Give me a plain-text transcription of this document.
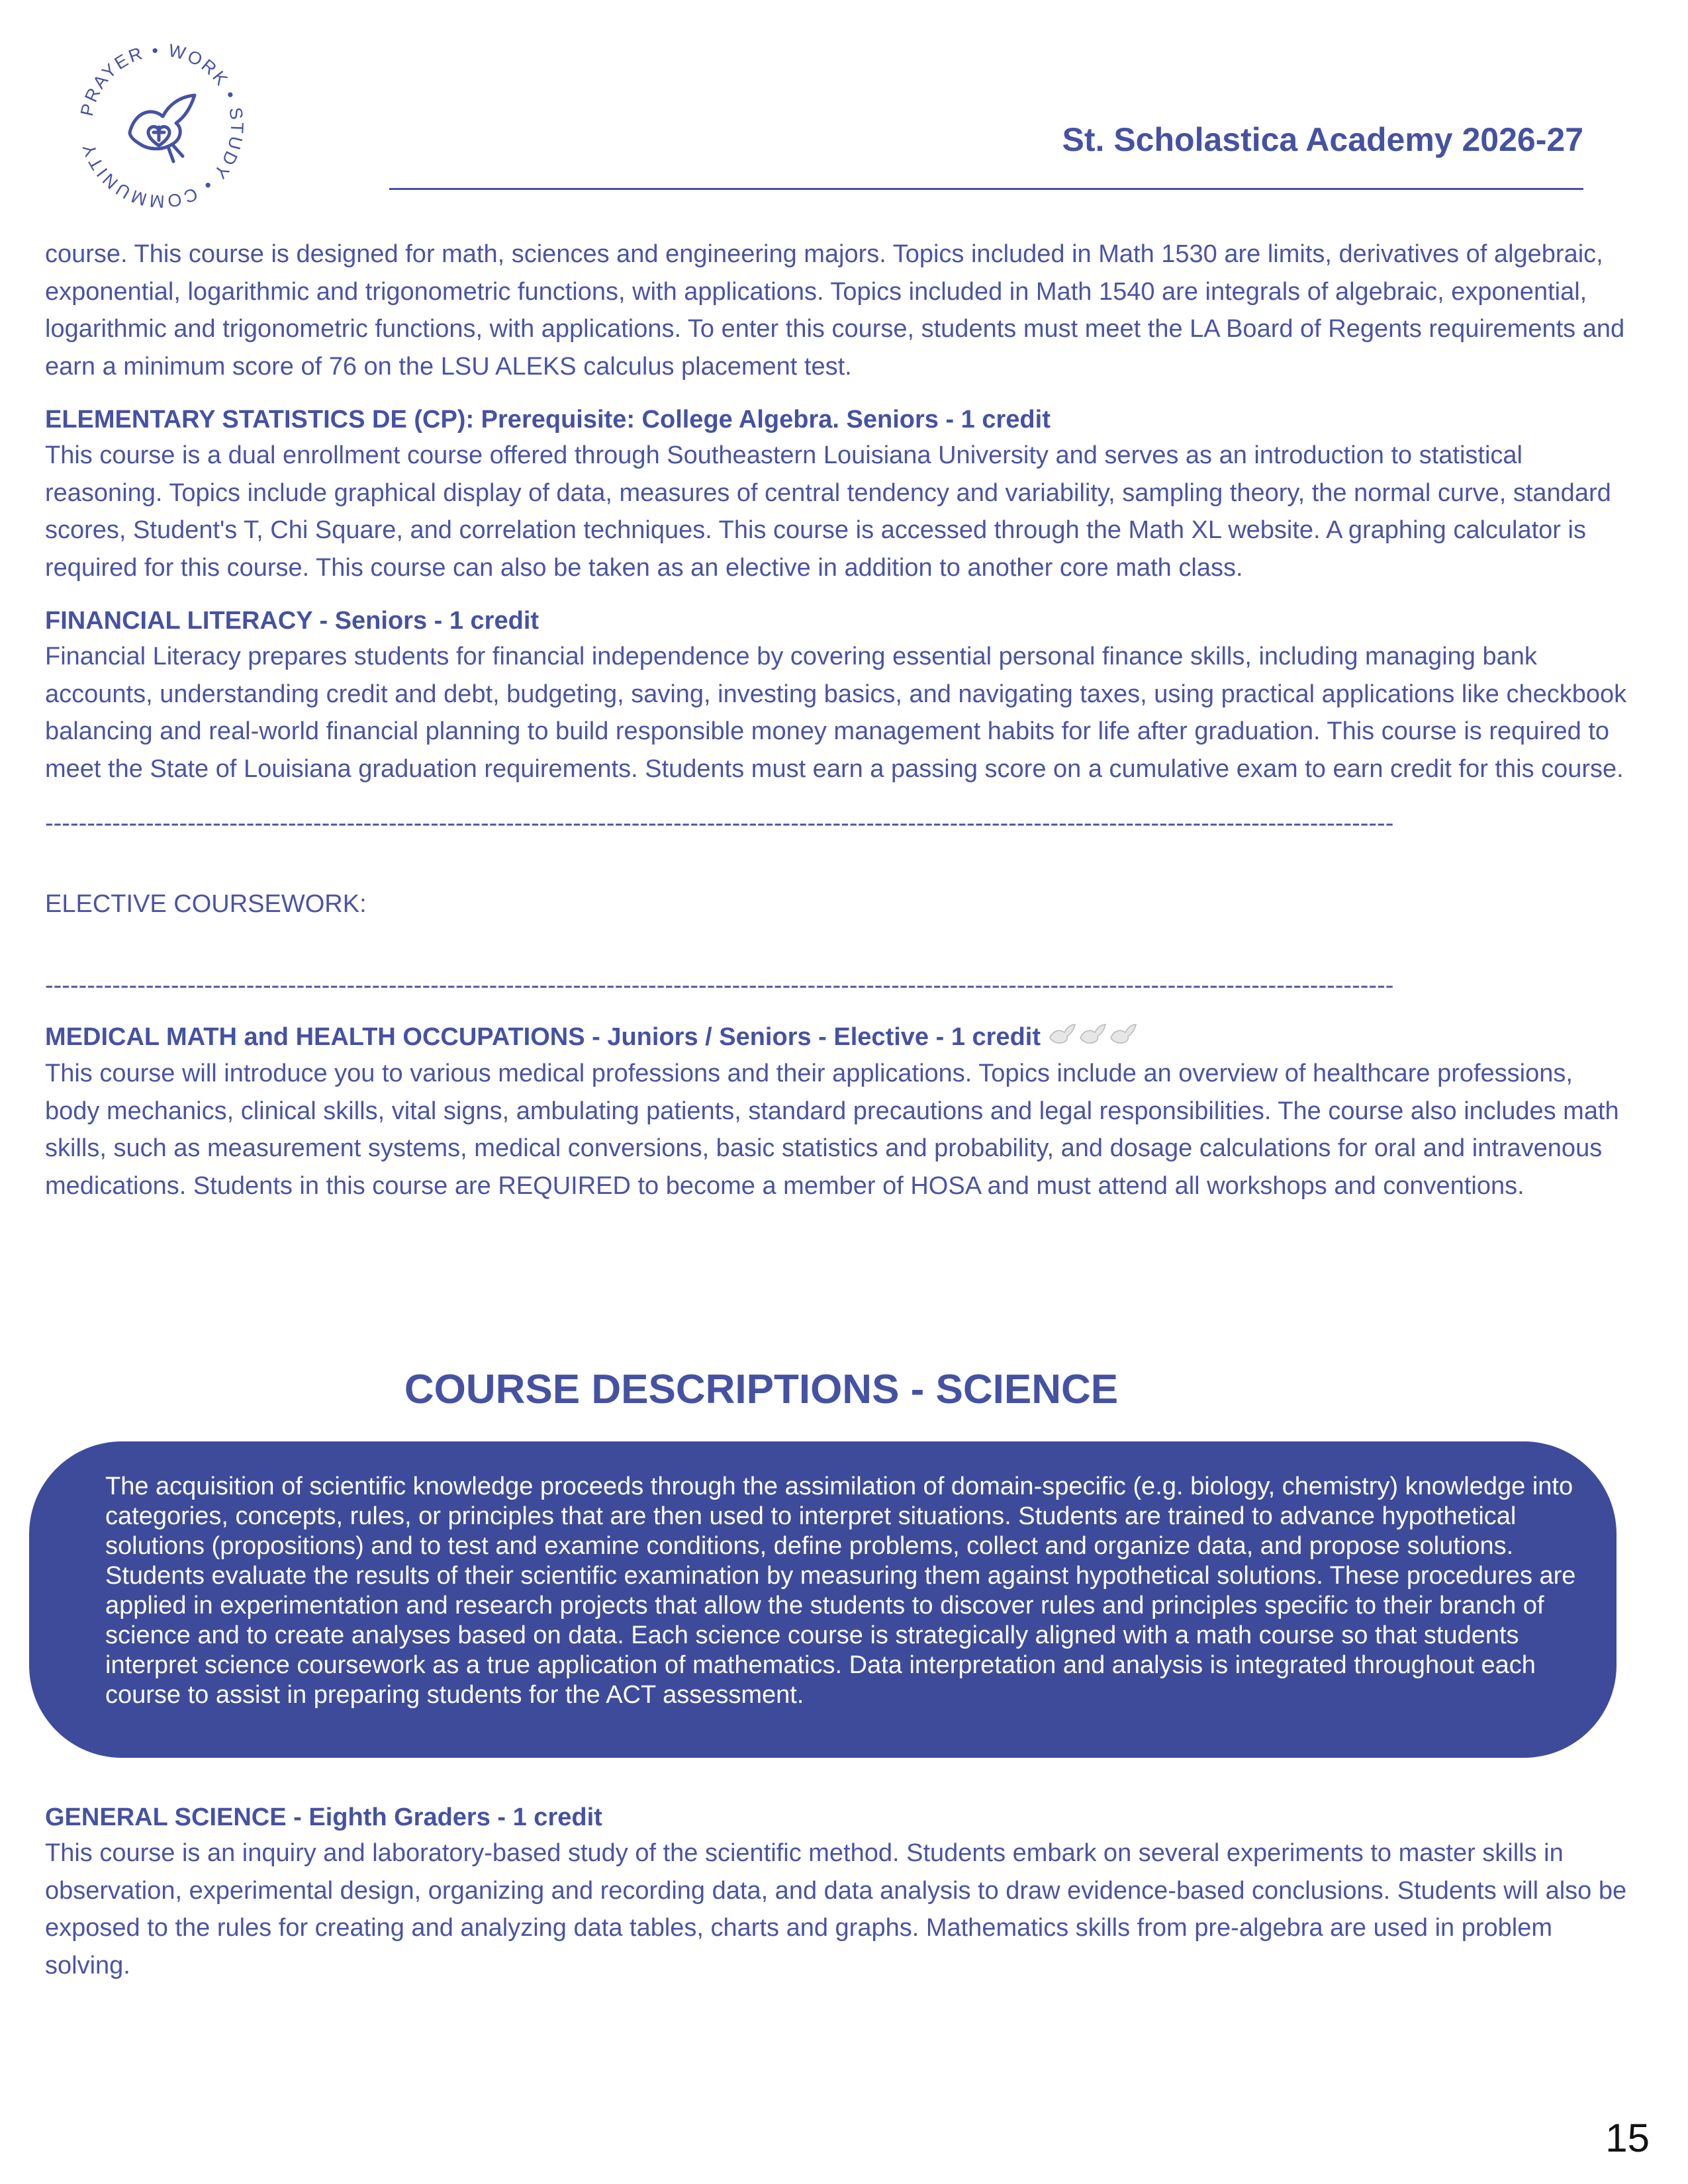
PRAYER • WORK • STUDY • COMMUNITY	St. Scholastica Academy 2026-27

course. This course is designed for math, sciences and engineering majors. Topics included in Math 1530 are limits, derivatives of algebraic, exponential, logarithmic and trigonometric functions, with applications. Topics included in Math 1540 are integrals of algebraic, exponential, logarithmic and trigonometric functions, with applications. To enter this course, students must meet the LA Board of Regents requirements and earn a minimum score of 76 on the LSU ALEKS calculus placement test.

ELEMENTARY STATISTICS DE (CP): Prerequisite: College Algebra. Seniors - 1 credit

This course is a dual enrollment course offered through Southeastern Louisiana University and serves as an introduction to statistical reasoning. Topics include graphical display of data, measures of central tendency and variability, sampling theory, the normal curve, standard scores, Student's T, Chi Square, and correlation techniques. This course is accessed through the Math XL website. A graphing calculator is required for this course. This course can also be taken as an elective in addition to another core math class.

FINANCIAL LITERACY - Seniors - 1 credit

Financial Literacy prepares students for financial independence by covering essential personal finance skills, including managing bank accounts, understanding credit and debt, budgeting, saving, investing basics, and navigating taxes, using practical applications like checkbook balancing and real-world financial planning to build responsible money management habits for life after graduation. This course is required to meet the State of Louisiana graduation requirements. Students must earn a passing score on a cumulative exam to earn credit for this course.

-----------------------------------------------------------------------------------------------------------------------------------------------------------------

ELECTIVE COURSEWORK:

-----------------------------------------------------------------------------------------------------------------------------------------------------------------
MEDICAL MATH and HEALTH OCCUPATIONS - Juniors / Seniors - Elective - 1 credit

This course will introduce you to various medical professions and their applications. Topics include an overview of healthcare professions, body mechanics, clinical skills, vital signs, ambulating patients, standard precautions and legal responsibilities. The course also includes math skills, such as measurement systems, medical conversions, basic statistics and probability, and dosage calculations for oral and intravenous medications. Students in this course are REQUIRED to become a member of HOSA and must attend all workshops and conventions.

COURSE DESCRIPTIONS - SCIENCE

The acquisition of scientific knowledge proceeds through the assimilation of domain-specific (e.g. biology, chemistry) knowledge into categories, concepts, rules, or principles that are then used to interpret situations. Students are trained to advance hypothetical solutions (propositions) and to test and examine conditions, define problems, collect and organize data, and propose solutions. Students evaluate the results of their scientific examination by measuring them against hypothetical solutions. These procedures are applied in experimentation and research projects that allow the students to discover rules and principles specific to their branch of science and to create analyses based on data. Each science course is strategically aligned with a math course so that students interpret science coursework as a true application of mathematics. Data interpretation and analysis is integrated throughout each course to assist in preparing students for the ACT assessment.

GENERAL SCIENCE - Eighth Graders - 1 credit

This course is an inquiry and laboratory-based study of the scientific method. Students embark on several experiments to master skills in observation, experimental design, organizing and recording data, and data analysis to draw evidence-based conclusions. Students will also be exposed to the rules for creating and analyzing data tables, charts and graphs. Mathematics skills from pre-algebra are used in problem solving.

15
